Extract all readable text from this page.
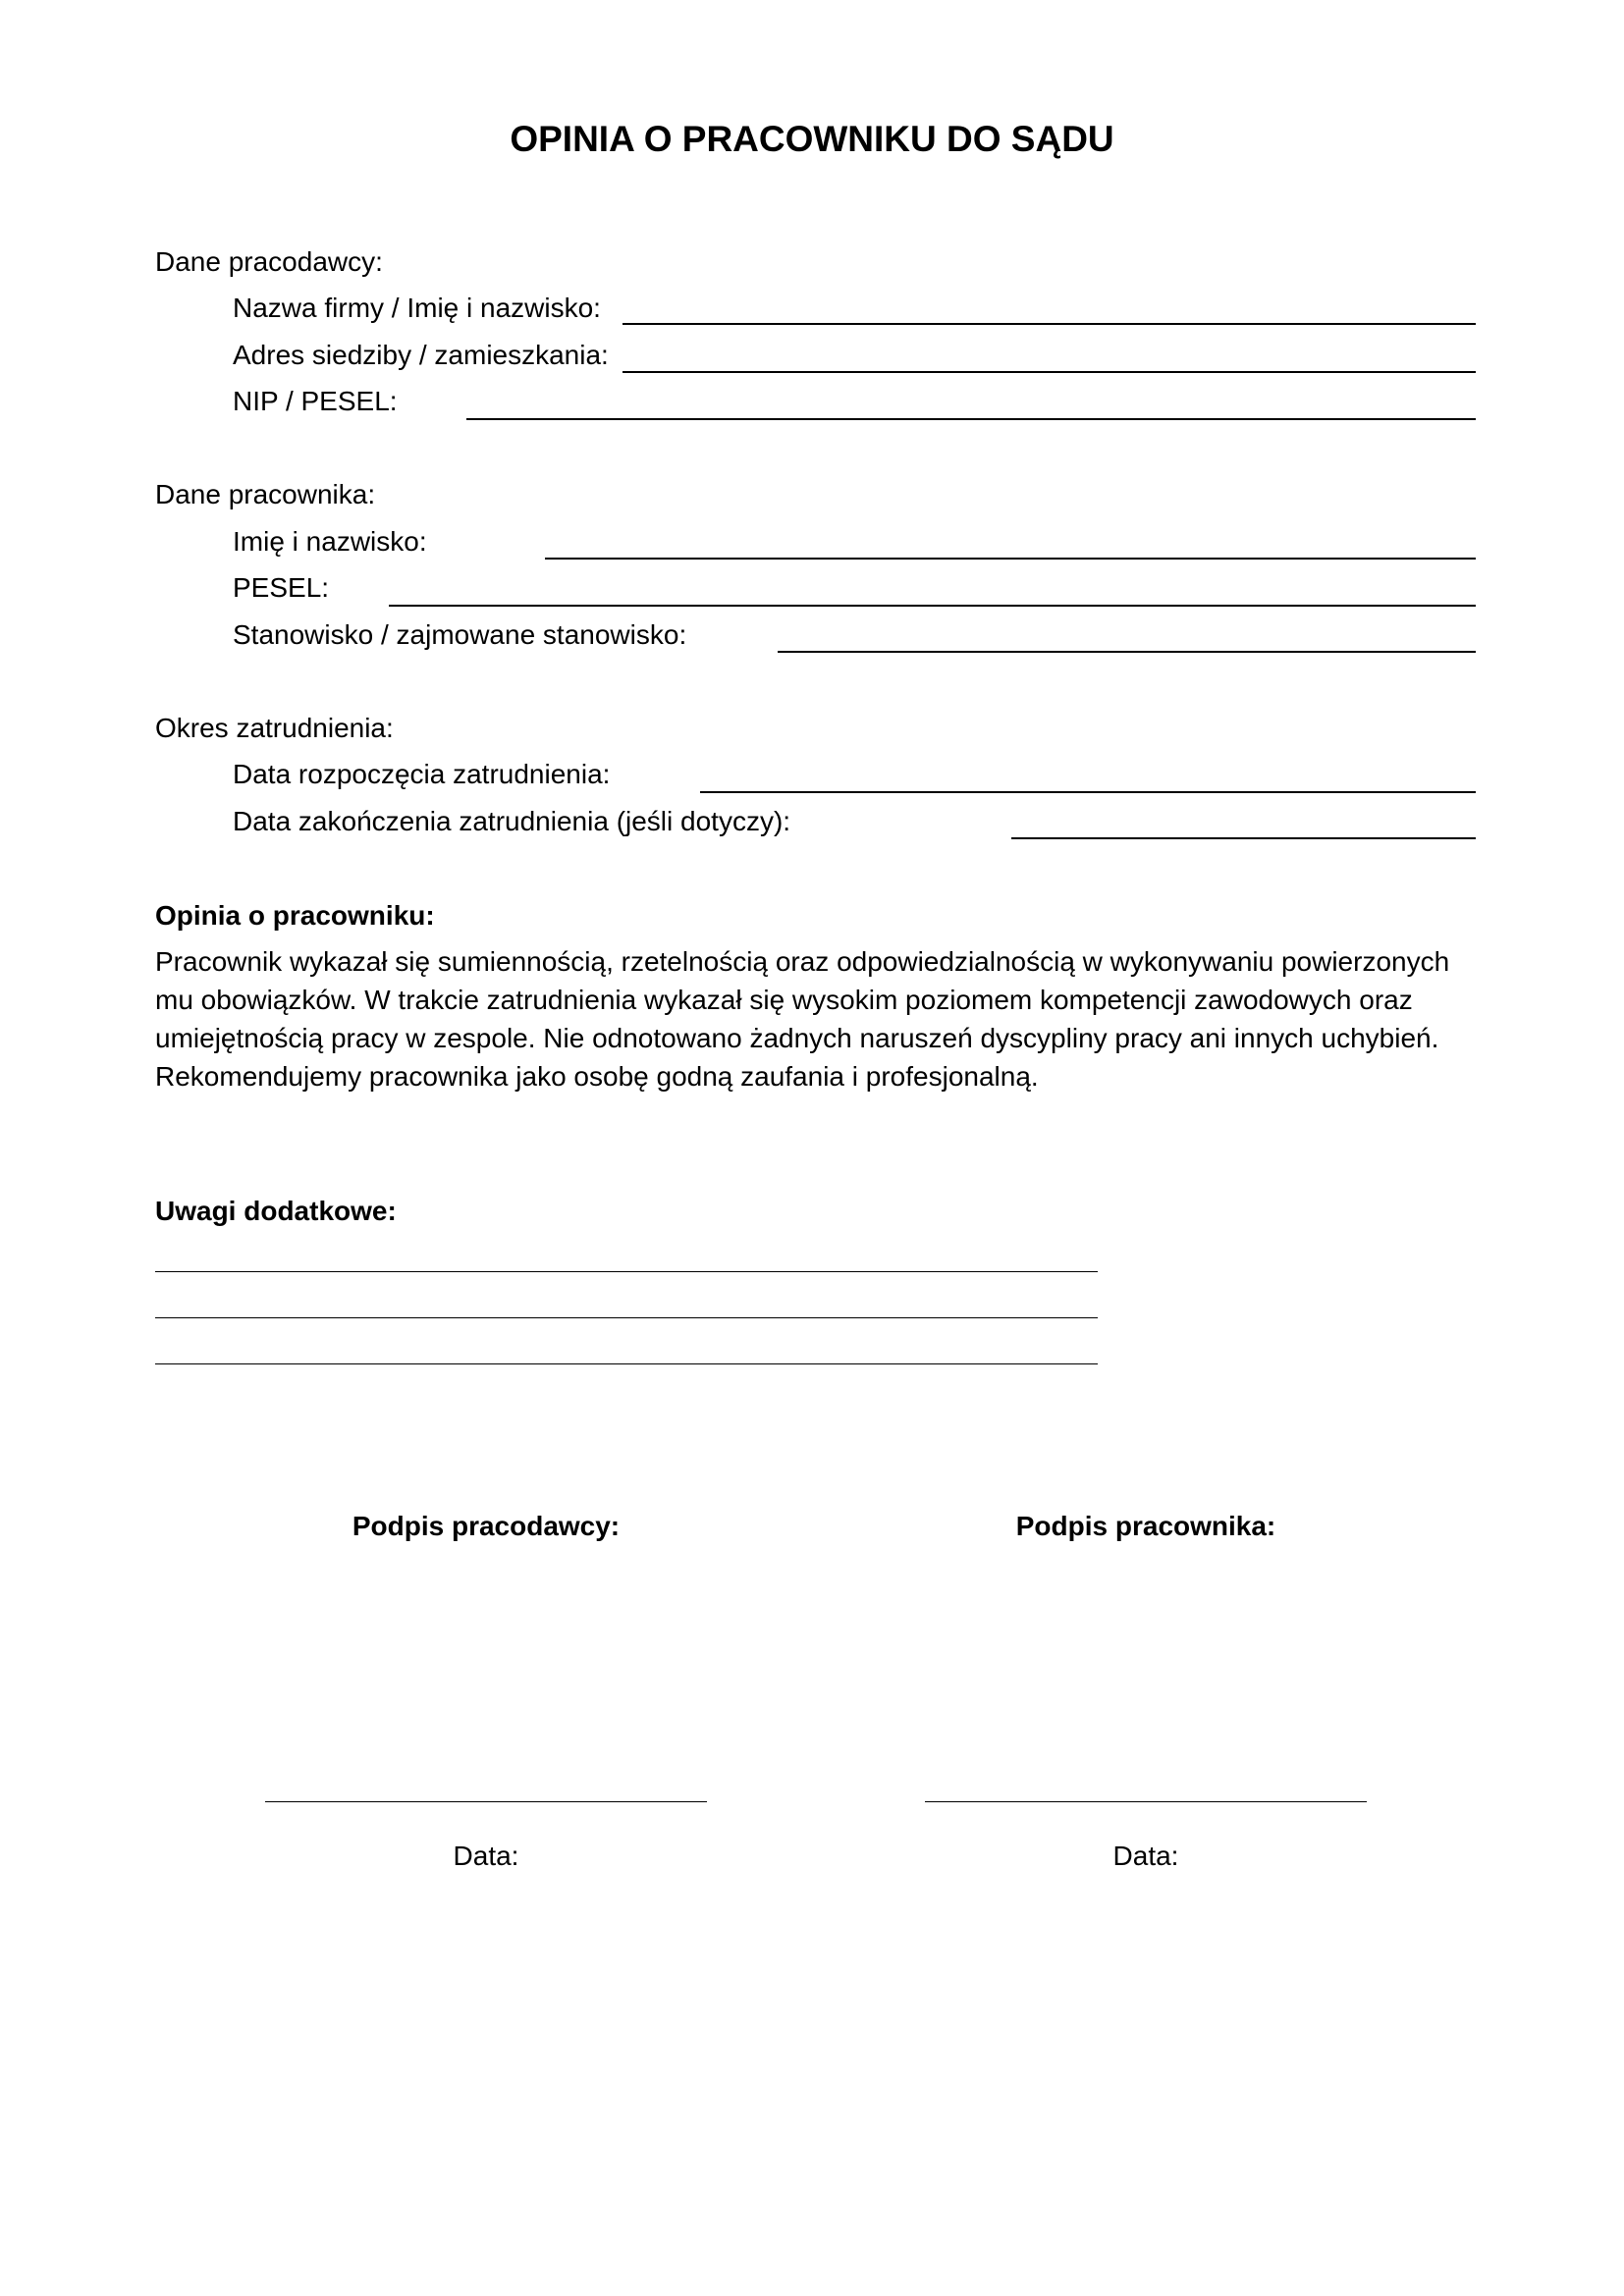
OPINIA O PRACOWNIKU DO SĄDU
Dane pracodawcy:
Nazwa firmy / Imię i nazwisko:
Adres siedziby / zamieszkania:
NIP / PESEL:
Dane pracownika:
Imię i nazwisko:
PESEL:
Stanowisko / zajmowane stanowisko:
Okres zatrudnienia:
Data rozpoczęcia zatrudnienia:
Data zakończenia zatrudnienia (jeśli dotyczy):
Opinia o pracowniku:
Pracownik wykazał się sumiennością, rzetelnością oraz odpowiedzialnością w wykonywaniu powierzonych
mu obowiązków. W trakcie zatrudnienia wykazał się wysokim poziomem kompetencji zawodowych oraz
umiejętnością pracy w zespole. Nie odnotowano żadnych naruszeń dyscypliny pracy ani innych uchybień.
Rekomendujemy pracownika jako osobę godną zaufania i profesjonalną.
Uwagi dodatkowe:
Podpis pracodawcy:	Podpis pracownika:
Data:	Data:
